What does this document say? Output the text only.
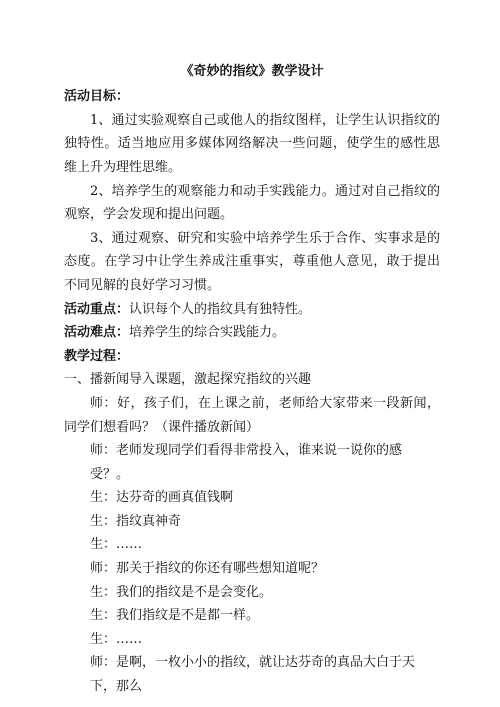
《奇妙的指纹》教学设计
活动目标：
1、通过实验观察自己或他人的指纹图样，让学生认识指纹的独特性。适当地应用多媒体网络解决一些问题，使学生的感性思维上升为理性思维。
2、培养学生的观察能力和动手实践能力。通过对自己指纹的观察，学会发现和提出问题。
3、通过观察、研究和实验中培养学生乐于合作、实事求是的态度。在学习中让学生养成注重事实，尊重他人意见，敢于提出不同见解的良好学习习惯。
活动重点：认识每个人的指纹具有独特性。
活动难点：培养学生的综合实践能力。
教学过程：
一、播新闻导入课题，激起探究指纹的兴趣
师：好，孩子们，在上课之前，老师给大家带来一段新闻，同学们想看吗？（课件播放新闻）
师：老师发现同学们看得非常投入，谁来说一说你的感受？。
生：达芬奇的画真值钱啊
生：指纹真神奇
生：……
师：那关于指纹的你还有哪些想知道呢？
生：我们的指纹是不是会变化。
生：我们指纹是不是都一样。
生：……
师：是啊，一枚小小的指纹，就让达芬奇的真品大白于天下，那么
